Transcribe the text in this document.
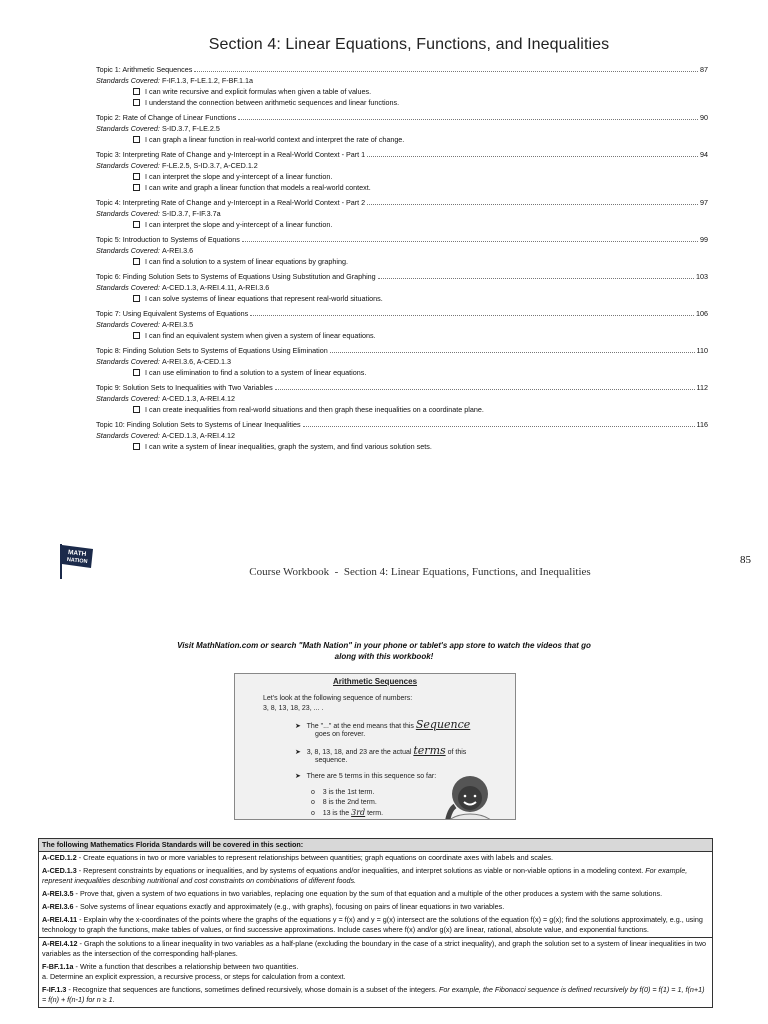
Section 4: Linear Equations, Functions, and Inequalities
Topic 1: Arithmetic Sequences	87
Standards Covered: F-IF.1.3, F-LE.1.2, F-BF.1.1a
I can write recursive and explicit formulas when given a table of values.
I understand the connection between arithmetic sequences and linear functions.
Topic 2: Rate of Change of Linear Functions	90
Standards Covered: S-ID.3.7, F-LE.2.5
I can graph a linear function in real-world context and interpret the rate of change.
Topic 3: Interpreting Rate of Change and y-Intercept in a Real-World Context - Part 1	94
Standards Covered: F-LE.2.5, S-ID.3.7, A-CED.1.2
I can interpret the slope and y-intercept of a linear function.
I can write and graph a linear function that models a real-world context.
Topic 4: Interpreting Rate of Change and y-Intercept in a Real-World Context - Part 2	97
Standards Covered: S-ID.3.7, F-IF.3.7a
I can interpret the slope and y-intercept of a linear function.
Topic 5: Introduction to Systems of Equations	99
Standards Covered: A-REI.3.6
I can find a solution to a system of linear equations by graphing.
Topic 6: Finding Solution Sets to Systems of Equations Using Substitution and Graphing	103
Standards Covered: A-CED.1.3, A-REI.4.11, A-REI.3.6
I can solve systems of linear equations that represent real-world situations.
Topic 7: Using Equivalent Systems of Equations	106
Standards Covered: A-REI.3.5
I can find an equivalent system when given a system of linear equations.
Topic 8: Finding Solution Sets to Systems of Equations Using Elimination	110
Standards Covered: A-REI.3.6, A-CED.1.3
I can use elimination to find a solution to a system of linear equations.
Topic 9: Solution Sets to Inequalities with Two Variables	112
Standards Covered: A-CED.1.3, A-REI.4.12
I can create inequalities from real-world situations and then graph these inequalities on a coordinate plane.
Topic 10: Finding Solution Sets to Systems of Linear Inequalities	116
Standards Covered: A-CED.1.3, A-REI.4.12
I can write a system of linear inequalities, graph the system, and find various solution sets.
MATH
NATION	85
Course Workbook  -  Section 4: Linear Equations, Functions, and Inequalities
Visit MathNation.com or search "Math Nation" in your phone or tablet's app store to watch the videos that go
along with this workbook!
Arithmetic Sequences
Let's look at the following sequence of numbers:
3, 8, 13, 18, 23, ... .
➤ The "..." at the end means that this Sequence
goes on forever.
➤ 3, 8, 13, 18, and 23 are the actual terms of this
sequence.
➤ There are 5 terms in this sequence so far:
o    3 is the 1st term.
o    8 is the 2nd term.
o    13 is the 3rd term.
The following Mathematics Florida Standards will be covered in this section:
A-CED.1.2 - Create equations in two or more variables to represent relationships between quantities; graph equations on coordinate axes with labels and scales.
A-CED.1.3 - Represent constraints by equations or inequalities, and by systems of equations and/or inequalities, and interpret solutions as viable or non-viable options in a modeling context. For example, represent inequalities describing nutritional and cost constraints on combinations of different foods.
A-REI.3.5 - Prove that, given a system of two equations in two variables, replacing one equation by the sum of that equation and a multiple of the other produces a system with the same solutions.
A-REI.3.6 - Solve systems of linear equations exactly and approximately (e.g., with graphs), focusing on pairs of linear equations in two variables.
A-REI.4.11 - Explain why the x-coordinates of the points where the graphs of the equations y = f(x) and y = g(x) intersect are the solutions of the equation f(x) = g(x); find the solutions approximately, e.g., using technology to graph the functions, make tables of values, or find successive approximations. Include cases where f(x) and/or g(x) are linear, rational, absolute value, and exponential functions.
A-REI.4.12 - Graph the solutions to a linear inequality in two variables as a half-plane (excluding the boundary in the case of a strict inequality), and graph the solution set to a system of linear inequalities in two variables as the intersection of the corresponding half-planes.
F-BF.1.1a - Write a function that describes a relationship between two quantities.
a. Determine an explicit expression, a recursive process, or steps for calculation from a context.
F-IF.1.3 - Recognize that sequences are functions, sometimes defined recursively, whose domain is a subset of the integers. For example, the Fibonacci sequence is defined recursively by f(0) = f(1) = 1, f(n+1) = f(n) + f(n-1) for n ≥ 1.
